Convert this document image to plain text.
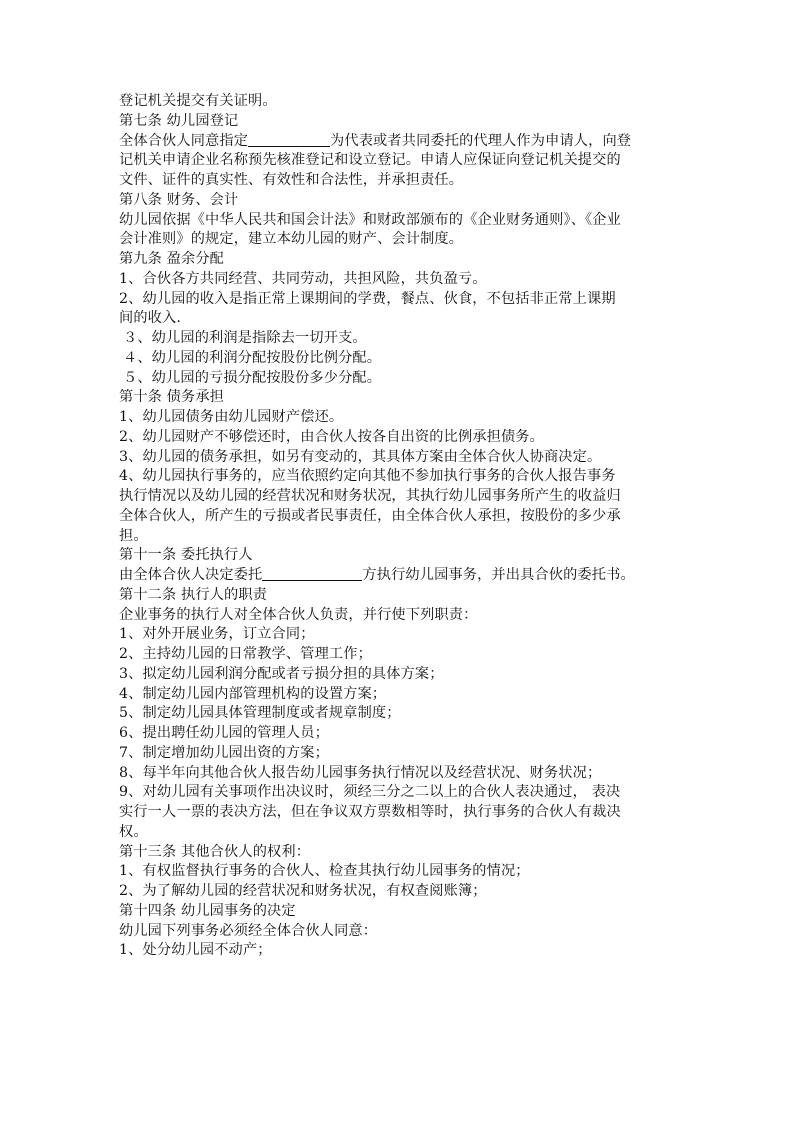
登记机关提交有关证明。
第七条 幼儿园登记
全体合伙人同意指定	为代表或者共同委托的代理人作为申请人，向登
记机关申请企业名称预先核准登记和设立登记。申请人应保证向登记机关提交的
文件、证件的真实性、有效性和合法性，并承担责任。
第八条 财务、会计
幼儿园依据《中华人民共和国会计法》和财政部颁布的《企业财务通则》、《企业
会计准则》的规定，建立本幼儿园的财产、会计制度。
第九条 盈余分配
1、合伙各方共同经营、共同劳动，共担风险，共负盈亏。
2、幼儿园的收入是指正常上课期间的学费，餐点、伙食，不包括非正常上课期
间的收入.
３、幼儿园的利润是指除去一切开支。
４、幼儿园的利润分配按股份比例分配。
５、幼儿园的亏损分配按股份多少分配。
第十条 债务承担
1、幼儿园债务由幼儿园财产偿还。
2、幼儿园财产不够偿还时，由合伙人按各自出资的比例承担债务。
3、幼儿园的债务承担，如另有变动的，其具体方案由全体合伙人协商决定。
4、幼儿园执行事务的，应当依照约定向其他不参加执行事务的合伙人报告事务
执行情况以及幼儿园的经营状况和财务状况，其执行幼儿园事务所产生的收益归
全体合伙人，所产生的亏损或者民事责任，由全体合伙人承担，按股份的多少承
担。
第十一条 委托执行人
由全体合伙人决定委托	方执行幼儿园事务，并出具合伙的委托书。
第十二条 执行人的职责
企业事务的执行人对全体合伙人负责，并行使下列职责：
1、对外开展业务，订立合同；
2、主持幼儿园的日常教学、管理工作；
3、拟定幼儿园利润分配或者亏损分担的具体方案；
4、制定幼儿园内部管理机构的设置方案；
5、制定幼儿园具体管理制度或者规章制度；
6、提出聘任幼儿园的管理人员；
7、制定增加幼儿园出资的方案；
8、每半年向其他合伙人报告幼儿园事务执行情况以及经营状况、财务状况；
9、对幼儿园有关事项作出决议时，须经三分之二以上的合伙人表决通过， 表决
实行一人一票的表决方法，但在争议双方票数相等时，执行事务的合伙人有裁决
权。
第十三条 其他合伙人的权利：
1、有权监督执行事务的合伙人、检查其执行幼儿园事务的情况；
2、为了解幼儿园的经营状况和财务状况，有权查阅账簿；
第十四条 幼儿园事务的决定
幼儿园下列事务必须经全体合伙人同意：
1、处分幼儿园不动产；
